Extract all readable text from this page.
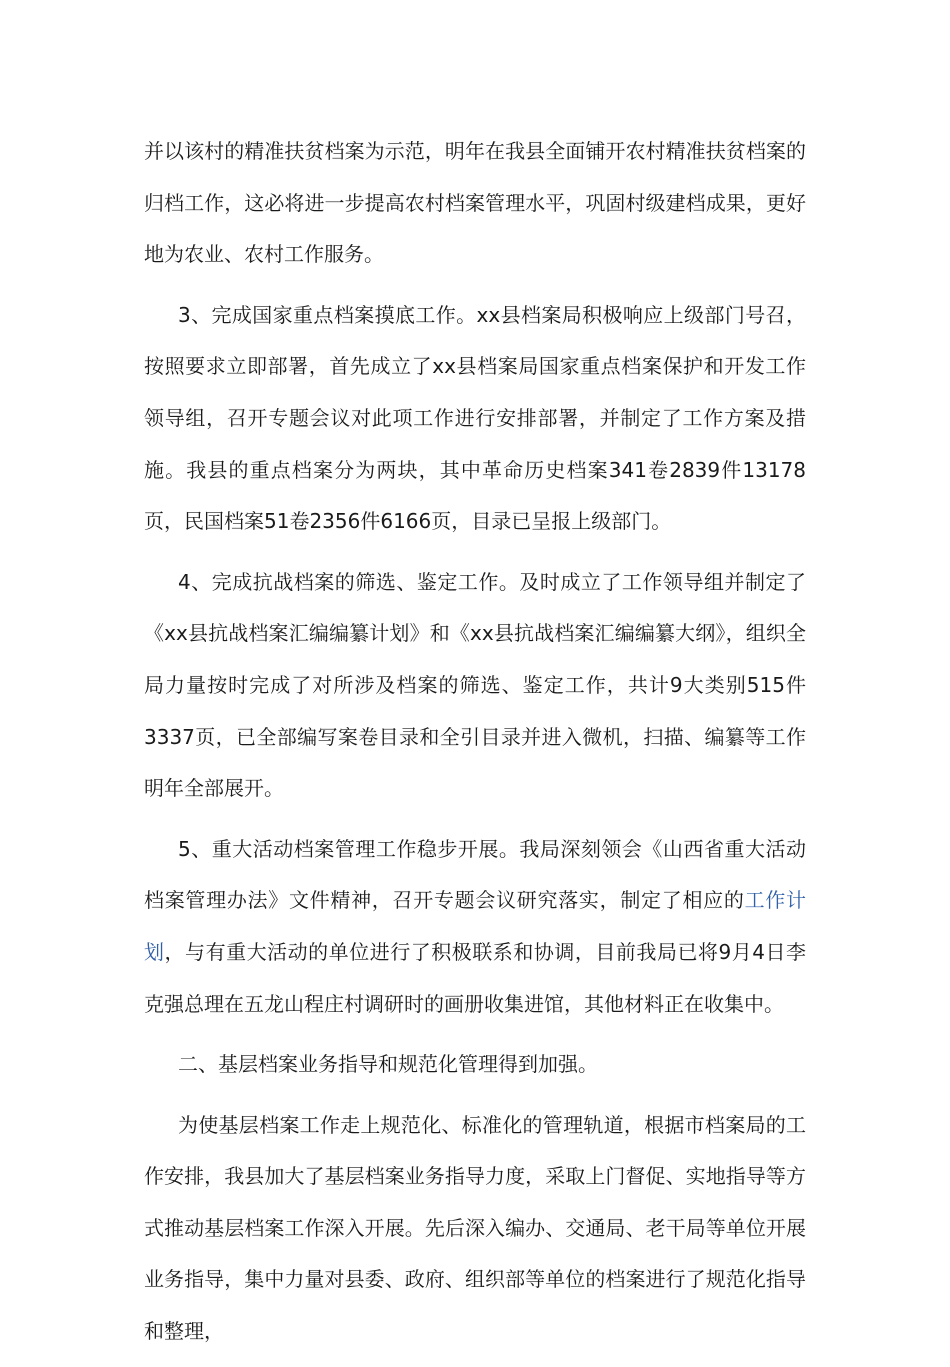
并以该村的精准扶贫档案为示范，明年在我县全面铺开农村精准扶贫档案的归档工作，这必将进一步提高农村档案管理水平，巩固村级建档成果，更好地为农业、农村工作服务。

3、完成国家重点档案摸底工作。xx县档案局积极响应上级部门号召，按照要求立即部署，首先成立了xx县档案局国家重点档案保护和开发工作领导组，召开专题会议对此项工作进行安排部署，并制定了工作方案及措施。我县的重点档案分为两块，其中革命历史档案341卷2839件13178页，民国档案51卷2356件6166页，目录已呈报上级部门。

4、完成抗战档案的筛选、鉴定工作。及时成立了工作领导组并制定了《xx县抗战档案汇编编纂计划》和《xx县抗战档案汇编编纂大纲》，组织全局力量按时完成了对所涉及档案的筛选、鉴定工作，共计9大类别515件3337页，已全部编写案卷目录和全引目录并进入微机，扫描、编纂等工作明年全部展开。

5、重大活动档案管理工作稳步开展。我局深刻领会《山西省重大活动档案管理办法》文件精神，召开专题会议研究落实，制定了相应的工作计划，与有重大活动的单位进行了积极联系和协调，目前我局已将9月4日李克强总理在五龙山程庄村调研时的画册收集进馆，其他材料正在收集中。

二、基层档案业务指导和规范化管理得到加强。

为使基层档案工作走上规范化、标准化的管理轨道，根据市档案局的工作安排，我县加大了基层档案业务指导力度，采取上门督促、实地指导等方式推动基层档案工作深入开展。先后深入编办、交通局、老干局等单位开展业务指导，集中力量对县委、政府、组织部等单位的档案进行了规范化指导和整理，
